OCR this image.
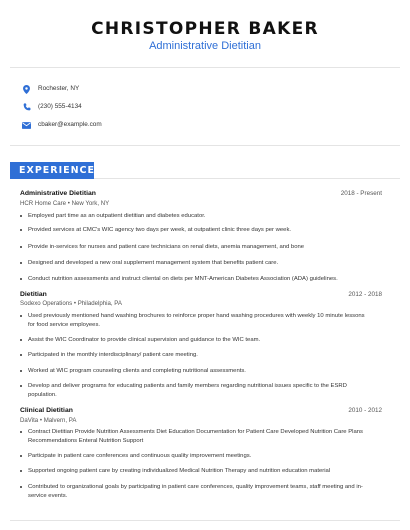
CHRISTOPHER BAKER
Administrative Dietitian
Rochester, NY
(230) 555-4134
cbaker@example.com
EXPERIENCE
Administrative Dietitian	2018 - Present
HCR Home Care • New York, NY
Employed part time as an outpatient dietitian and diabetes educator.
Provided services at CMC's WIC agency two days per week, at outpatient clinic three days per week.
Provide in-services for nurses and patient care technicians on renal diets, anemia management, and bone
Designed and developed a new oral supplement management system that benefits patient care.
Conduct nutrition assessments and instruct cliental on diets per MNT-American Diabetes Association (ADA) guidelines.
Dietitian	2012 - 2018
Sodexo Operations • Philadelphia, PA
Used previously mentioned hand washing brochures to reinforce proper hand washing procedures with weekly 10 minute lessons for food service employees.
Assist the WIC Coordinator to provide clinical supervision and guidance to the WIC team.
Participated in the monthly interdisciplinary/ patient care meeting.
Worked at WIC program counseling clients and completing nutritional assessments.
Develop and deliver programs for educating patients and family members regarding nutritional issues specific to the ESRD population.
Clinical Dietitian	2010 - 2012
DaVita • Malvern, PA
Contract Dietitian Provide Nutrition Assessments Diet Education Documentation for Patient Care Developed Nutrition Care Plans Recommendations Enteral Nutrition Support
Participate in patient care conferences and continuous quality improvement meetings.
Supported ongoing patient care by creating individualized Medical Nutrition Therapy and nutrition education material
Contributed to organizational goals by participating in patient care conferences, quality improvement teams, staff meeting and in-service events.
